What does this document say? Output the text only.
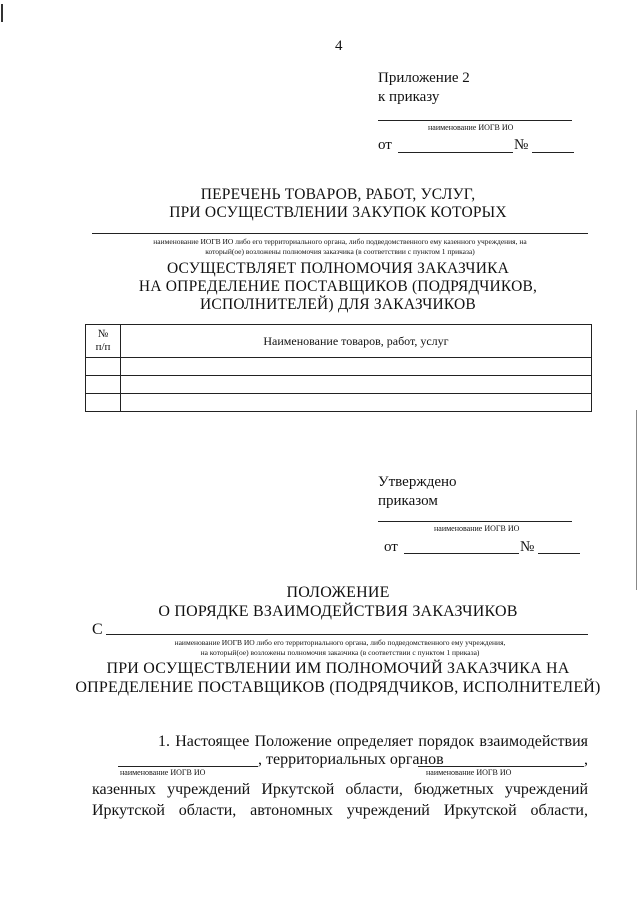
4
Приложение 2
к приказу
наименование ИОГВ ИО
от	№
ПЕРЕЧЕНЬ ТОВАРОВ, РАБОТ, УСЛУГ,
ПРИ ОСУЩЕСТВЛЕНИИ ЗАКУПОК КОТОРЫХ
наименование ИОГВ ИО либо его территориального органа, либо подведомственного ему казенного учреждения, на
который(ое) возложены полномочия заказчика (в соответствии с пунктом 1 приказа)
ОСУЩЕСТВЛЯЕТ ПОЛНОМОЧИЯ ЗАКАЗЧИКА
НА ОПРЕДЕЛЕНИЕ ПОСТАВЩИКОВ (ПОДРЯДЧИКОВ,
ИСПОЛНИТЕЛЕЙ) ДЛЯ ЗАКАЗЧИКОВ
№
п/п	Наименование товаров, работ, услуг

Утверждено
приказом
наименование ИОГВ ИО
от	№
ПОЛОЖЕНИЕ
О ПОРЯДКЕ ВЗАИМОДЕЙСТВИЯ ЗАКАЗЧИКОВ
С
наименование ИОГВ ИО либо его территориального органа, либо подведомственного ему учреждения,
на который(ое) возложены полномочия заказчика (в соответствии с пунктом 1 приказа)
ПРИ ОСУЩЕСТВЛЕНИИ ИМ ПОЛНОМОЧИЙ ЗАКАЗЧИКА НА
ОПРЕДЕЛЕНИЕ ПОСТАВЩИКОВ (ПОДРЯДЧИКОВ, ИСПОЛНИТЕЛЕЙ)
1. Настоящее Положение определяет порядок взаимодействия
, территориальных органов	,
наименование ИОГВ ИО	наименование ИОГВ ИО
казенных учреждений Иркутской области, бюджетных учреждений
Иркутской области, автономных учреждений Иркутской области,
